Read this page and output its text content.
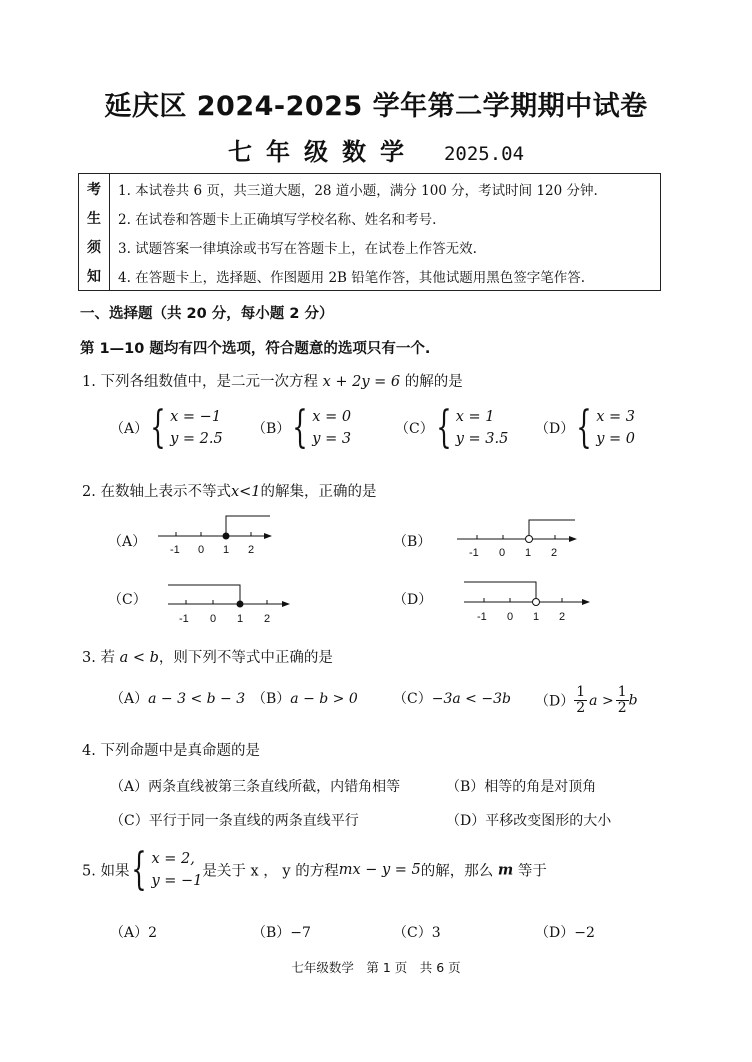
延庆区 2024-2025 学年第二学期期中试卷
七年级数学 2025.04
考	1. 本试卷共 6 页，共三道大题，28 道小题，满分 100 分，考试时间 120 分钟.
生	2. 在试卷和答题卡上正确填写学校名称、姓名和考号.
须	3. 试题答案一律填涂或书写在答题卡上，在试卷上作答无效.
知	4. 在答题卡上，选择题、作图题用 2B 铅笔作答，其他试题用黑色签字笔作答.
一、选择题（共 20 分，每小题 2 分）
第 1—10 题均有四个选项，符合题意的选项只有一个.
1. 下列各组数值中，是二元一次方程 x + 2y = 6 的解的是
（A） { x = −1
y = 2.5
（B） { x = 0
y = 3
（C） { x = 1
y = 3.5
（D） { x = 3
y = 0
2. 在数轴上表示不等式x<1的解集，正确的是
（A）	（B）
（C）	（D）
-1 0 1 2	-1 0 1 2
-1 0 1 2	-1 0 1 2
3. 若 a < b，则下列不等式中正确的是
（A）a − 3 < b − 3 （B）a − b > 0	（C）−3a < −3b $(D) \frac{1}{2}$ $a > \frac{1}{2}$ b
4. 下列命题中是真命题的是
（A）两条直线被第三条直线所截，内错角相等	（B）相等的角是对顶角
（C）平行于同一条直线的两条直线平行	（D）平移改变图形的大小
5. 如果 { x = 2,
y = −1
是关于 x ， y 的方程mx − y = 5的解，那么 m 等于
（A）2	（B）−7	（C）3	（D）−2
七年级数学　第 1 页　共 6 页
